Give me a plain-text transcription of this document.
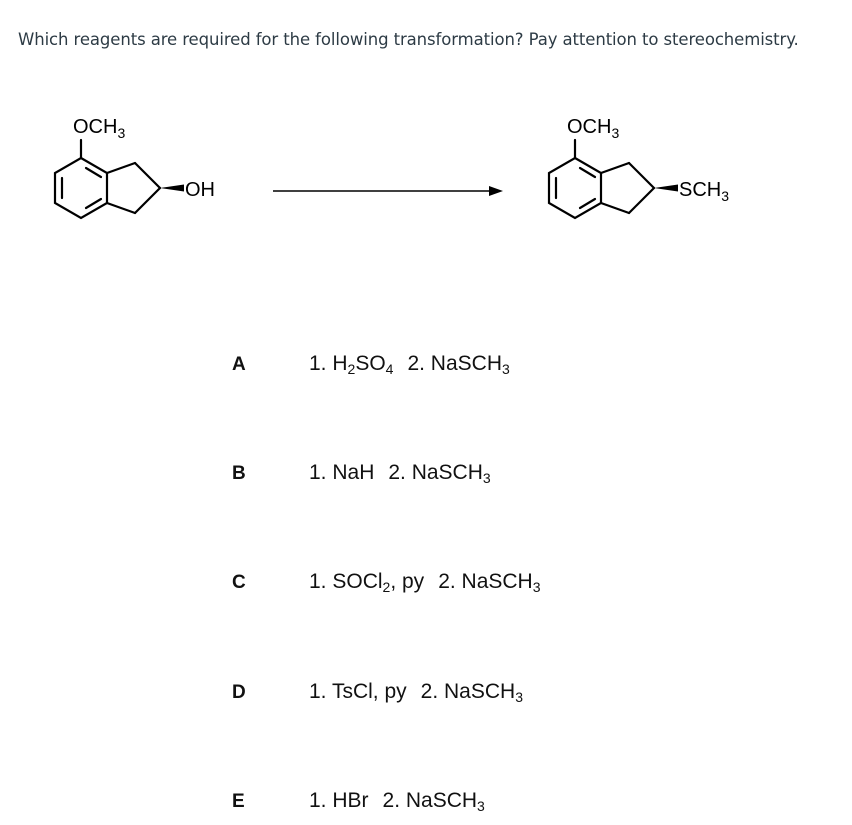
Which reagents are required for the following transformation? Pay attention to stereochemistry.
$OCH_3$
OH
$OCH_3$
$SCH_3$
A	1. $H_2SO_4$ 2. NaSCH$_3$
B	1. NaH 2. NaSCH$_3$
C	1. SOCl$_2$, py 2. NaSCH$_3$
D	1. TsCl, py 2. NaSCH$_3$
E	1. HBr 2. NaSCH$_3$
